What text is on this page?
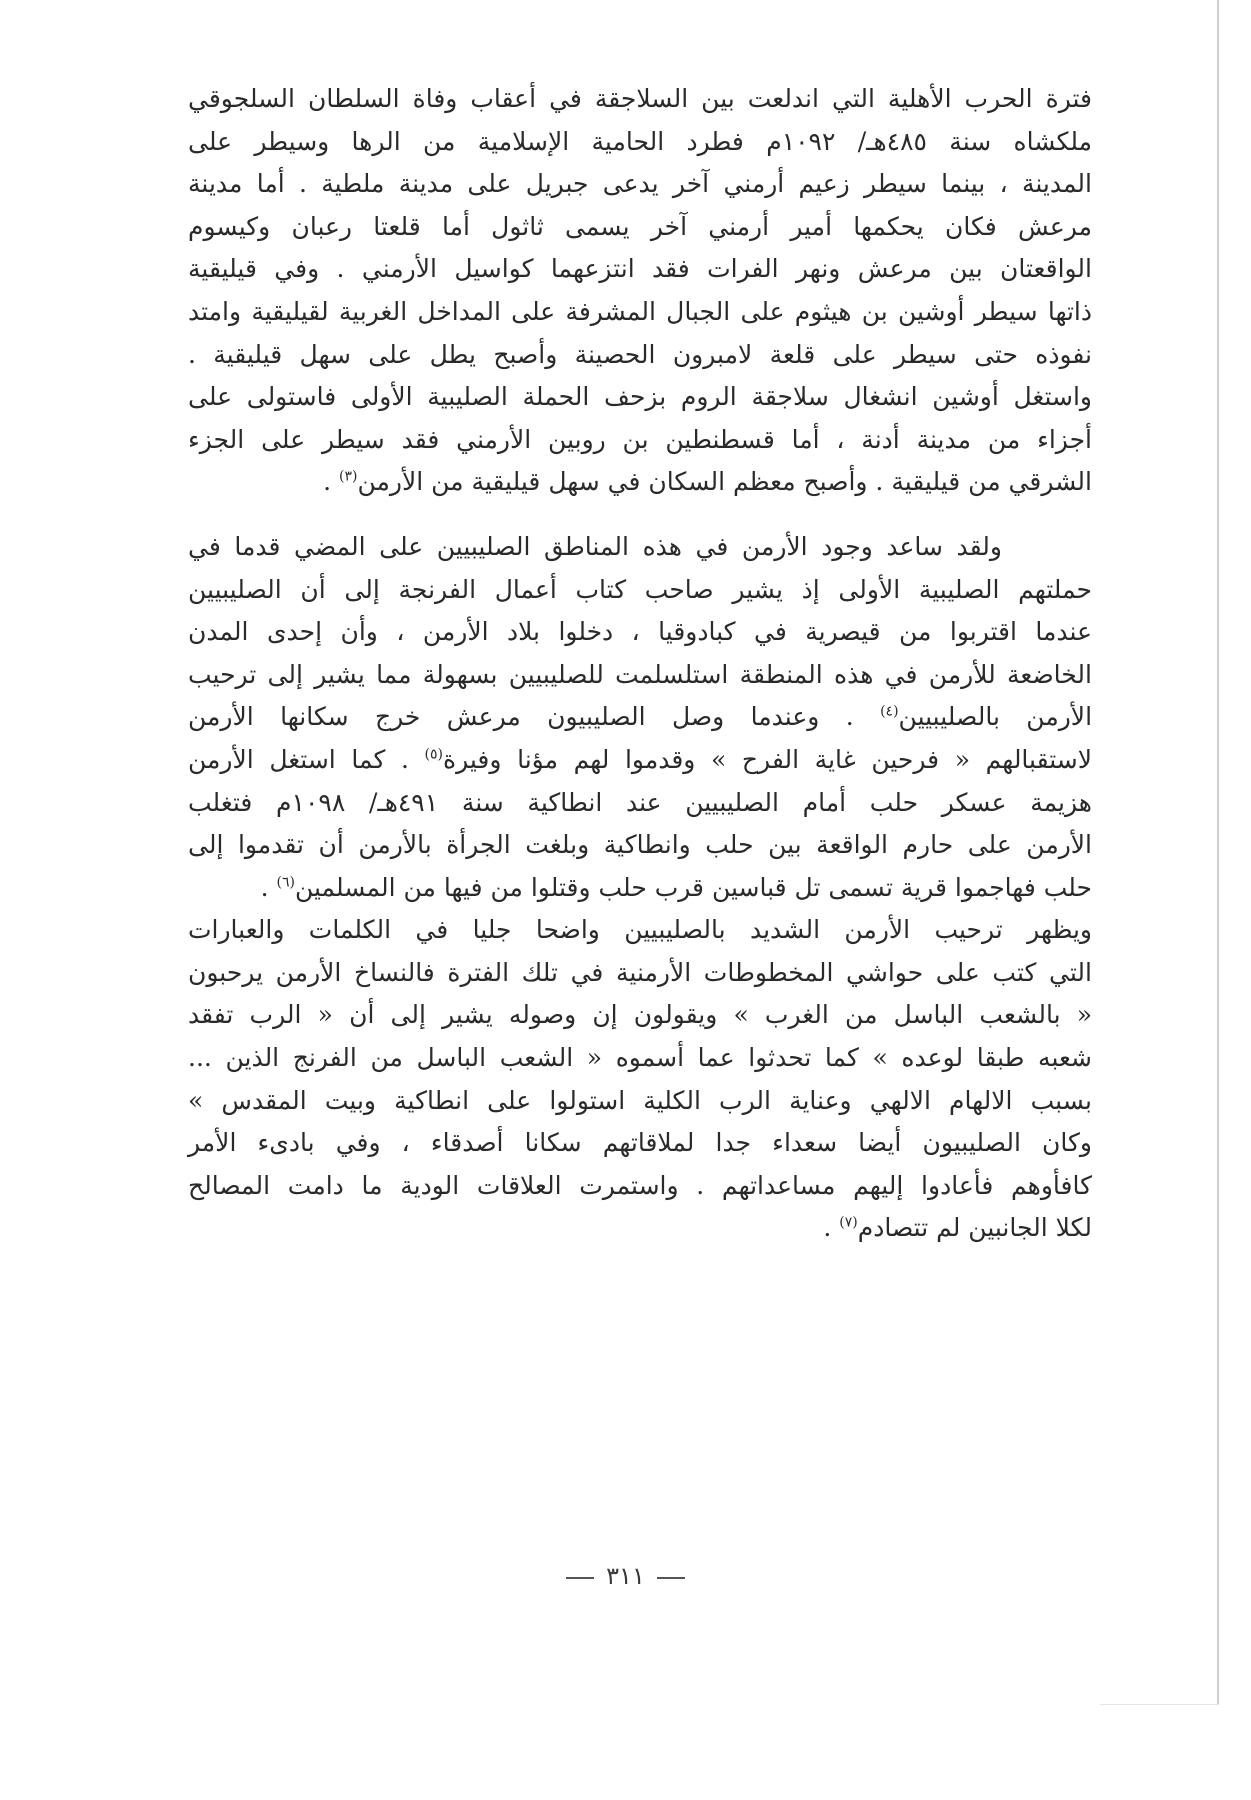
فترة الحرب الأهلية التي اندلعت بين السلاجقة في أعقاب وفاة السلطان السلجوقي
ملكشاه سنة ٤٨٥هـ/ ١٠٩٢م فطرد الحامية الإسلامية من الرها وسيطر على
المدينة ، بينما سيطر زعيم أرمني آخر يدعى جبريل على مدينة ملطية . أما مدينة
مرعش فكان يحكمها أمير أرمني آخر يسمى ثاثول أما قلعتا رعبان وكيسوم
الواقعتان بين مرعش ونهر الفرات فقد انتزعهما كواسيل الأرمني . وفي قيليقية
ذاتها سيطر أوشين بن هيثوم على الجبال المشرفة على المداخل الغربية لقيليقية وامتد
نفوذه حتى سيطر على قلعة لامبرون الحصينة وأصبح يطل على سهل قيليقية .
واستغل أوشين انشغال سلاجقة الروم بزحف الحملة الصليبية الأولى فاستولى على
أجزاء من مدينة أدنة ، أما قسطنطين بن روبين الأرمني فقد سيطر على الجزء
الشرقي من قيليقية . وأصبح معظم السكان في سهل قيليقية من الأرمن$^{(٣)}$ .
ولقد ساعد وجود الأرمن في هذه المناطق الصليبيين على المضي قدما في
حملتهم الصليبية الأولى إذ يشير صاحب كتاب أعمال الفرنجة إلى أن الصليبيين
عندما اقتربوا من قيصرية في كبادوقيا ، دخلوا بلاد الأرمن ، وأن إحدى المدن
الخاضعة للأرمن في هذه المنطقة استلسلمت للصليبيين بسهولة مما يشير إلى ترحيب
الأرمن بالصليبيين$^{(٤)}$ . وعندما وصل الصليبيون مرعش خرج سكانها الأرمن
لاستقبالهم « فرحين غاية الفرح » وقدموا لهم مؤنا وفيرة$^{(٥)}$ . كما استغل الأرمن
هزيمة عسكر حلب أمام الصليبيين عند انطاكية سنة ٤٩١هـ/ ١٠٩٨م فتغلب
الأرمن على حارم الواقعة بين حلب وانطاكية وبلغت الجرأة بالأرمن أن تقدموا إلى
حلب فهاجموا قرية تسمى تل قباسين قرب حلب وقتلوا من فيها من المسلمين$^{(٦)}$ .
ويظهر ترحيب الأرمن الشديد بالصليبيين واضحا جليا في الكلمات والعبارات
التي كتب على حواشي المخطوطات الأرمنية في تلك الفترة فالنساخ الأرمن يرحبون
« بالشعب الباسل من الغرب » ويقولون إن وصوله يشير إلى أن « الرب تفقد
شعبه طبقا لوعده » كما تحدثوا عما أسموه « الشعب الباسل من الفرنج الذين ...
بسبب الالهام الالهي وعناية الرب الكلية استولوا على انطاكية وبيت المقدس »
وكان الصليبيون أيضا سعداء جدا لملاقاتهم سكانا أصدقاء ، وفي بادىء الأمر
كافأوهم فأعادوا إليهم مساعداتهم . واستمرت العلاقات الودية ما دامت المصالح
لكلا الجانبين لم تتصادم$^{(٧)}$ .
٣١١
